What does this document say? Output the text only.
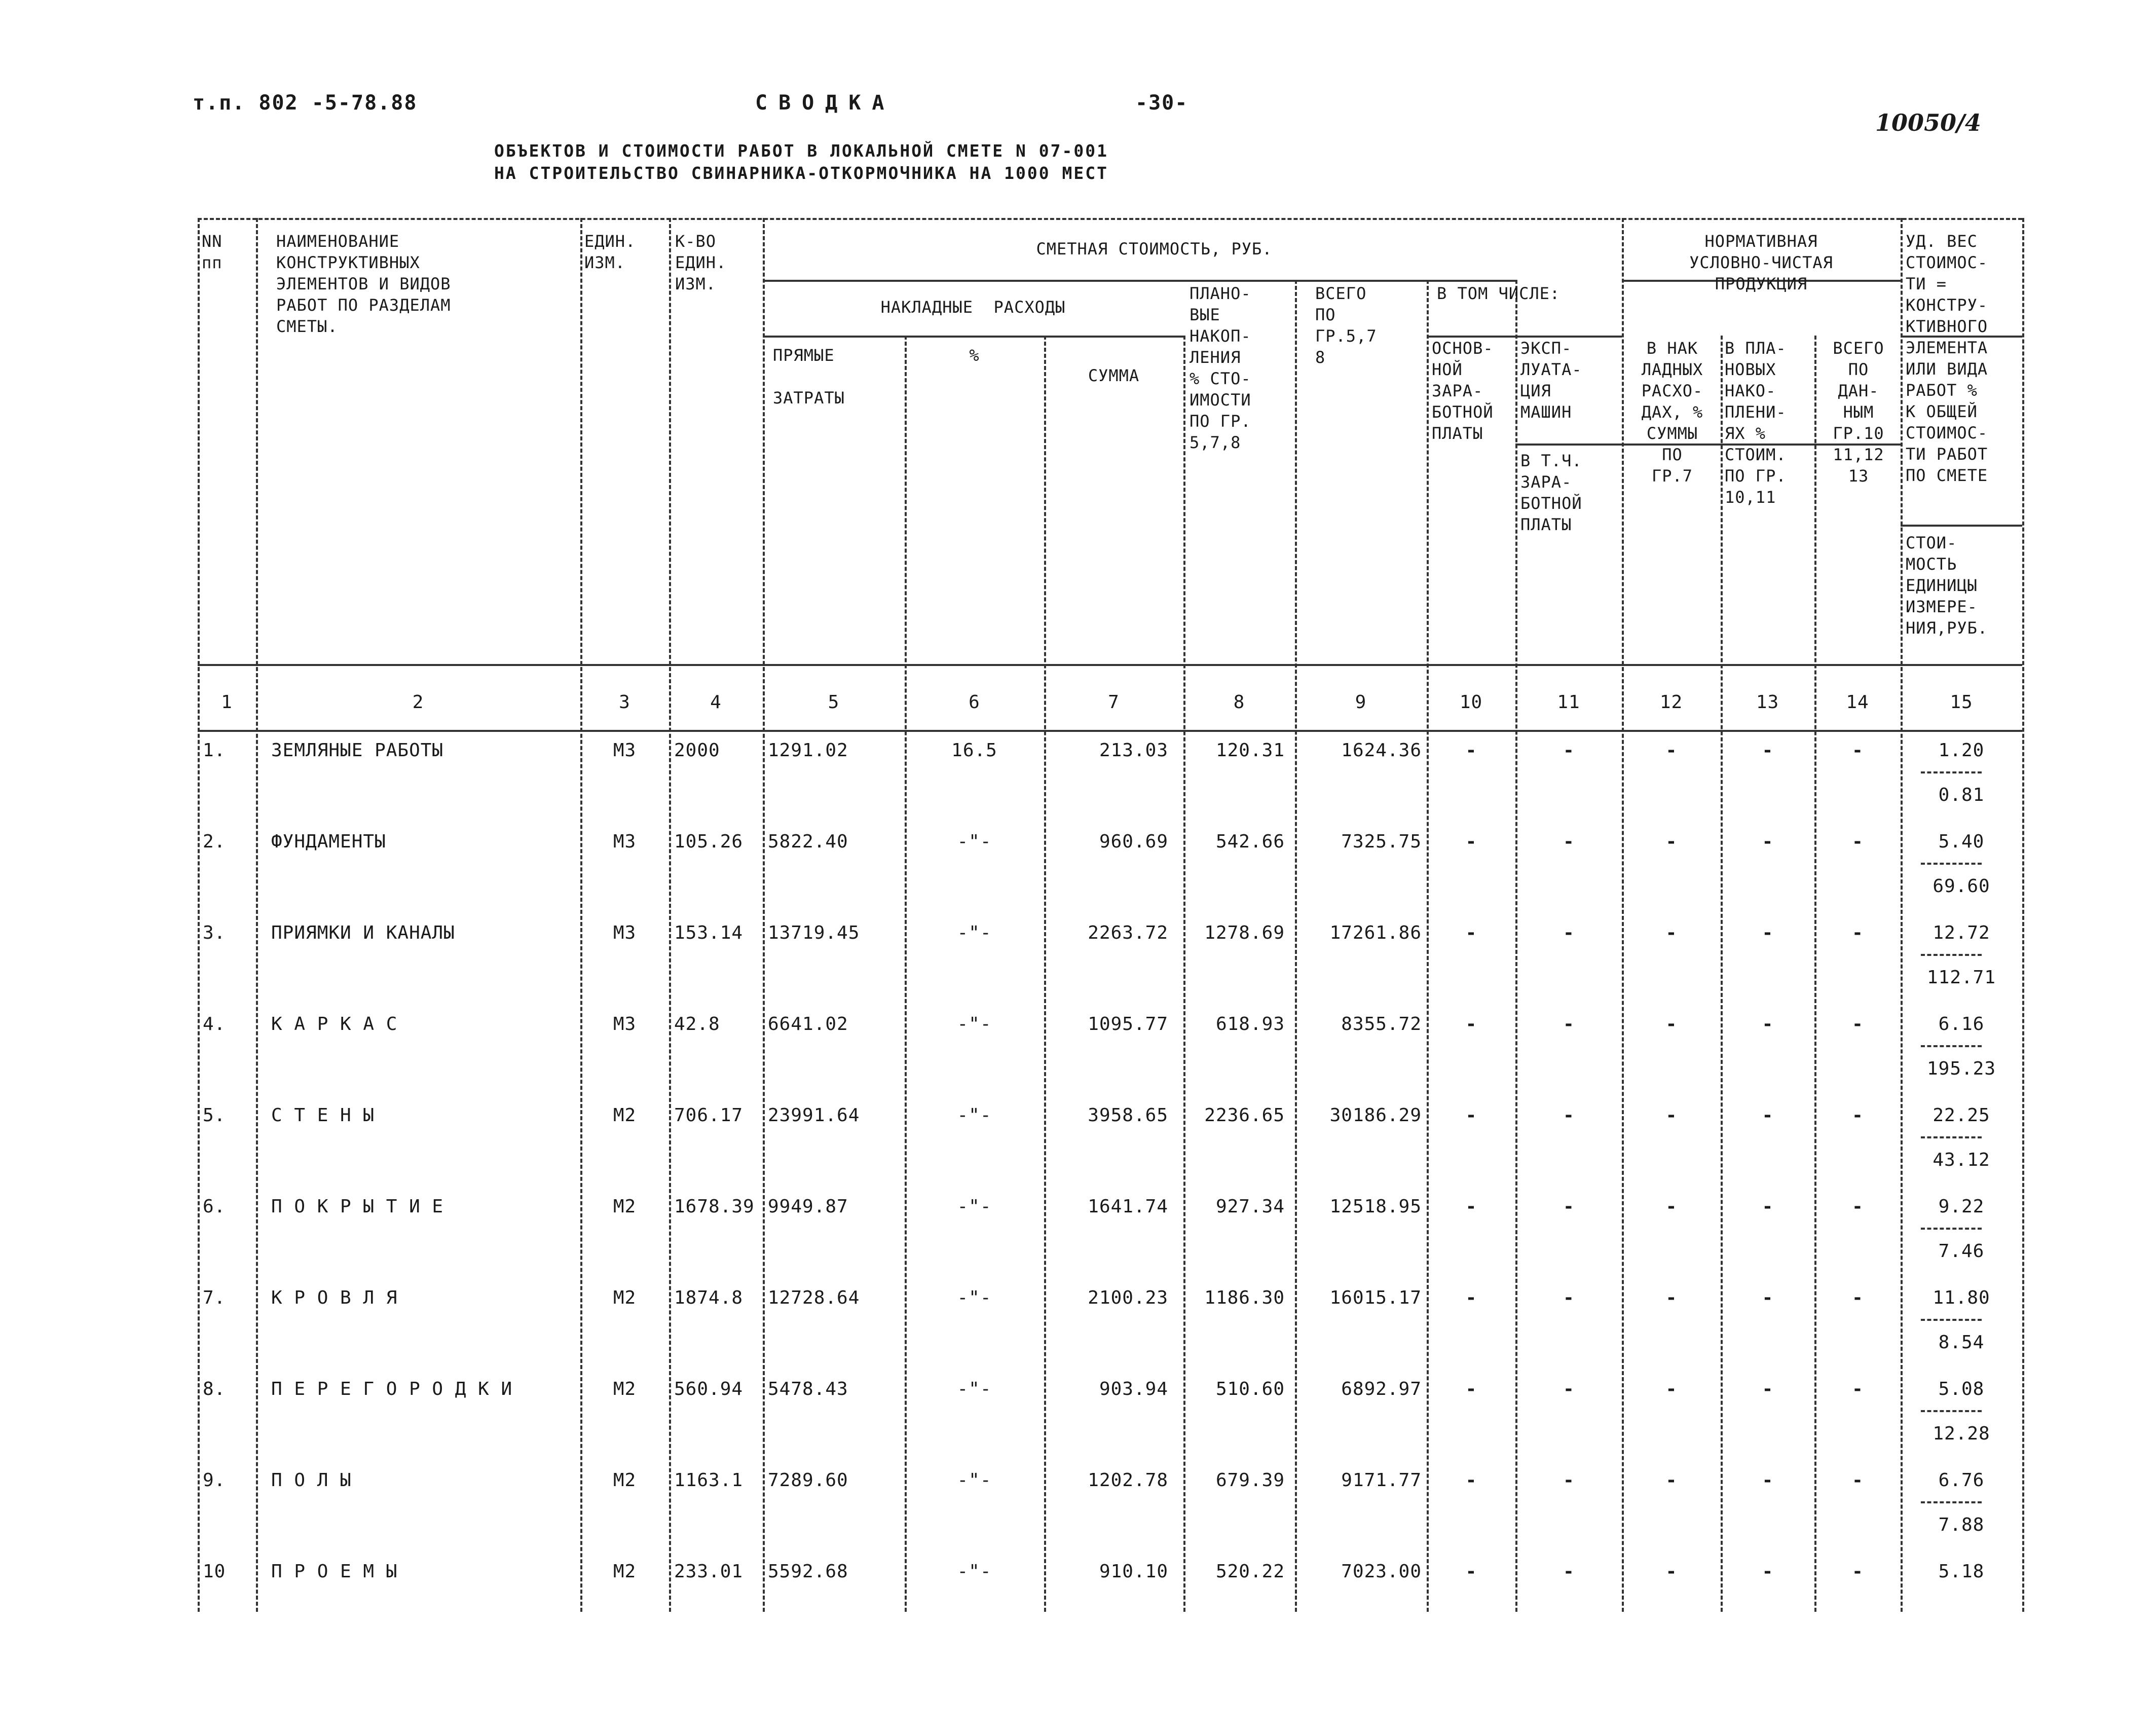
т.п. 802 -5-78.88	СВОДКА	-30-
10050/4
ОБЪЕКТОВ И СТОИМОСТИ РАБОТ В ЛОКАЛЬНОЙ СМЕТЕ N 07-001
НА СТРОИТЕЛЬСТВО СВИНАРНИКА-ОТКОРМОЧНИКА НА 1000 МЕСТ
NN
пп
НАИМЕНОВАНИЕ
КОНСТРУКТИВНЫХ
ЭЛЕМЕНТОВ И ВИДОВ
РАБОТ ПО РАЗДЕЛАМ
СМЕТЫ.
ЕДИН.
ИЗМ.
К-ВО
ЕДИН.
ИЗМ.
СМЕТНАЯ СТОИМОСТЬ, РУБ.
НАКЛАДНЫЕ  РАСХОДЫ
ПРЯМЫЕ

ЗАТРАТЫ
%
СУММА
ПЛАНО-
ВЫЕ
НАКОП-
ЛЕНИЯ
% СТО-
ИМОСТИ
ПО ГР.
5,7,8
ВСЕГО
ПО
ГР.5,7
8
В ТОМ ЧИСЛЕ:
ОСНОВ-
НОЙ
ЗАРА-
БОТНОЙ
ПЛАТЫ
ЭКСП-
ЛУАТА-
ЦИЯ
МАШИН
В Т.Ч.
ЗАРА-
БОТНОЙ
ПЛАТЫ
НОРМАТИВНАЯ
УСЛОВНО-ЧИСТАЯ
ПРОДУКЦИЯ
В НАК
ЛАДНЫХ
РАСХО-
ДАХ, %
СУММЫ
ПО
ГР.7
В ПЛА-
НОВЫХ
НАКО-
ПЛЕНИ-
ЯХ %
СТОИМ.
ПО ГР.
10,11
ВСЕГО
ПО
ДАН-
НЫМ
ГР.10
11,12
13
УД. ВЕС
СТОИМОС-
ТИ =
КОНСТРУ-
КТИВНОГО
ЭЛЕМЕНТА
ИЛИ ВИДА
РАБОТ %
К ОБЩЕЙ
СТОИМОС-
ТИ РАБОТ
ПО СМЕТЕ
СТОИ-
МОСТЬ
ЕДИНИЦЫ
ИЗМЕРЕ-
НИЯ,РУБ.
1	2	3	4	5	6	7	8	9	10	11	12	13	14	15
1.	ЗЕМЛЯНЫЕ РАБОТЫ	М3	2000	1291.02	16.5	213.03	120.31	1624.36	-	-	-	-	-	1.20
0.81
2.	ФУНДАМЕНТЫ	М3	105.26	5822.40	-"-	960.69	542.66	7325.75	-	-	-	-	-	5.40
69.60
3.	ПРИЯМКИ И КАНАЛЫ	М3	153.14	13719.45	-"-	2263.72	1278.69	17261.86	-	-	-	-	-	12.72
112.71
4.	К А Р К А С	М3	42.8	6641.02	-"-	1095.77	618.93	8355.72	-	-	-	-	-	6.16
195.23
5.	С Т Е Н Ы	М2	706.17	23991.64	-"-	3958.65	2236.65	30186.29	-	-	-	-	-	22.25
43.12
6.	П О К Р Ы Т И Е	М2	1678.39 9949.87	-"-	1641.74	927.34	12518.95	-	-	-	-	-	9.22
7.46
7.	К Р О В Л Я	М2	1874.8	12728.64	-"-	2100.23	1186.30	16015.17	-	-	-	-	-	11.80
8.54
8.	П Е Р Е Г О Р О Д К И	М2	560.94	5478.43	-"-	903.94	510.60	6892.97	-	-	-	-	-	5.08
12.28
9.	П О Л Ы	М2	1163.1	7289.60	-"-	1202.78	679.39	9171.77	-	-	-	-	-	6.76
7.88
10	П Р О Е М Ы	М2	233.01	5592.68	-"-	910.10	520.22	7023.00	-	-	-	-	-	5.18
